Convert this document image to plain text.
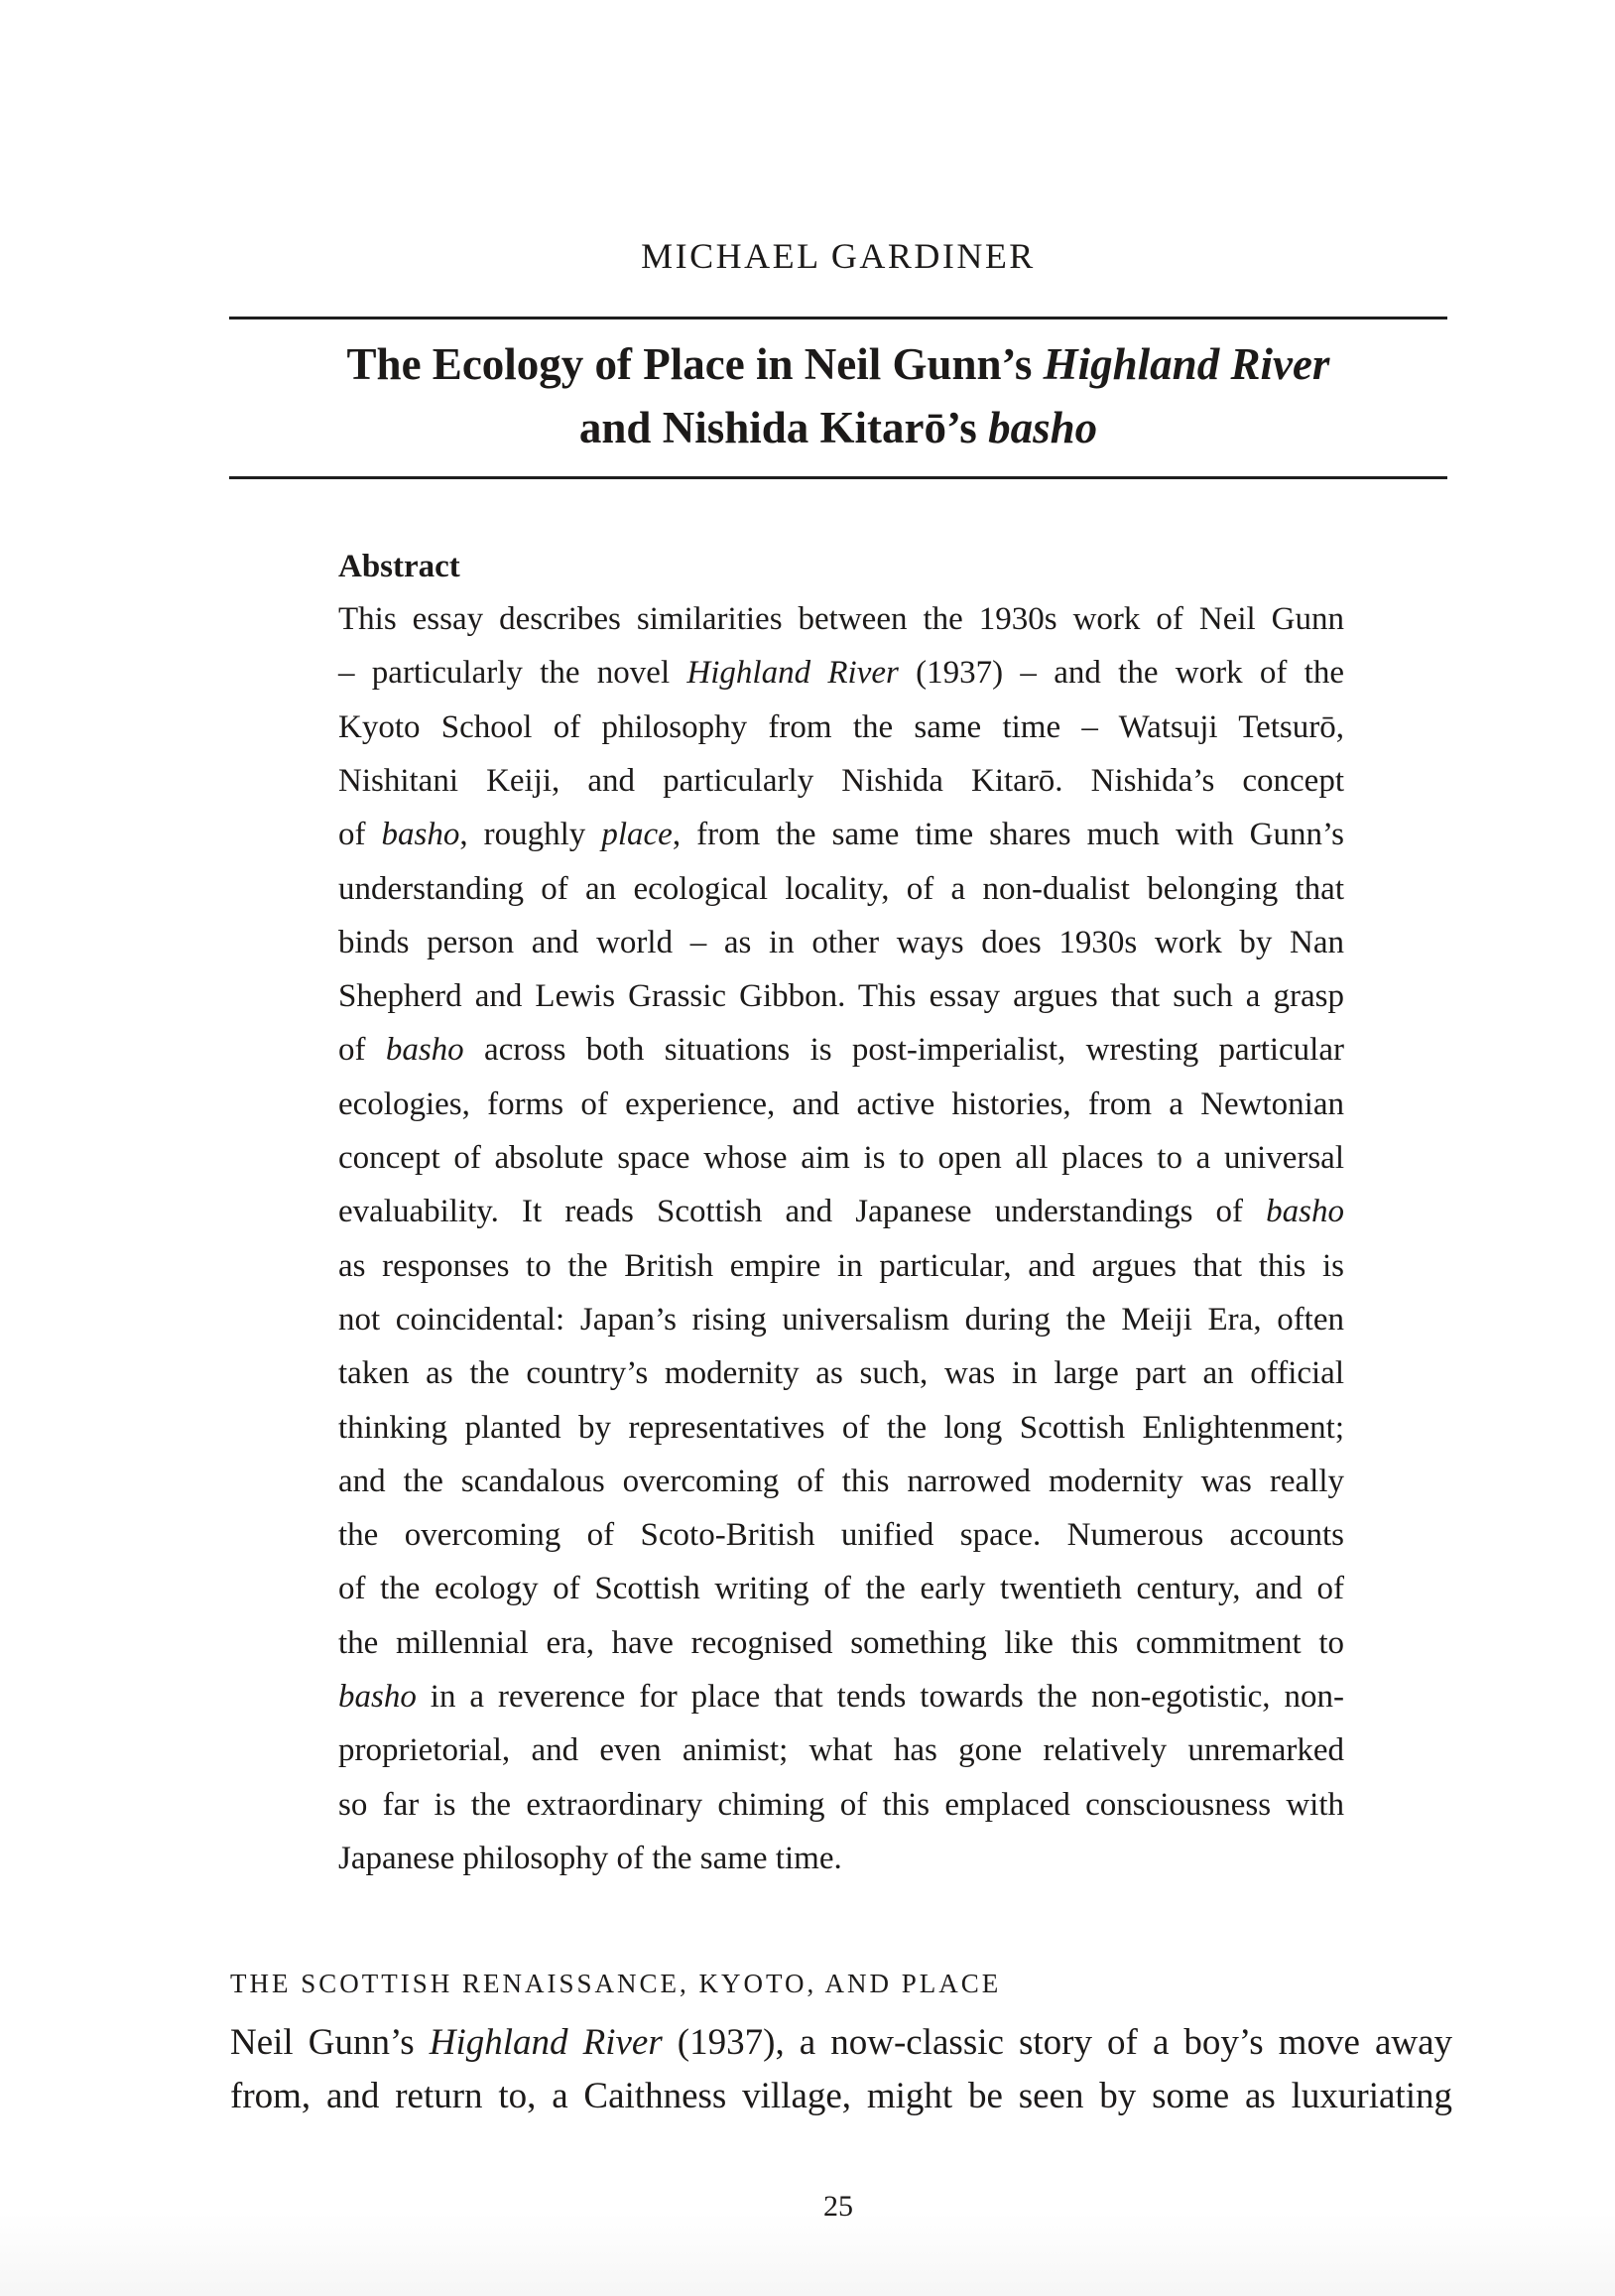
MICHAEL GARDINER
The Ecology of Place in Neil Gunn’s Highland River
and Nishida Kitarō’s basho
Abstract
THE SCOTTISH RENAISSANCE, KYOTO, AND PLACE
25
This essay describes similarities between the 1930s work of Neil Gunn
– particularly the novel Highland River (1937) – and the work of the
Kyoto School of philosophy from the same time – Watsuji Tetsurō,
Nishitani Keiji, and particularly Nishida Kitarō. Nishida’s concept
of basho, roughly place, from the same time shares much with Gunn’s
understanding of an ecological locality, of a non-dualist belonging that
binds person and world – as in other ways does 1930s work by Nan
Shepherd and Lewis Grassic Gibbon. This essay argues that such a grasp
of basho across both situations is post-imperialist, wresting particular
ecologies, forms of experience, and active histories, from a Newtonian
concept of absolute space whose aim is to open all places to a universal
evaluability. It reads Scottish and Japanese understandings of basho
as responses to the British empire in particular, and argues that this is
not coincidental: Japan’s rising universalism during the Meiji Era, often
taken as the country’s modernity as such, was in large part an official
thinking planted by representatives of the long Scottish Enlightenment;
and the scandalous overcoming of this narrowed modernity was really
the overcoming of Scoto-British unified space. Numerous accounts
of the ecology of Scottish writing of the early twentieth century, and of
the millennial era, have recognised something like this commitment to
basho in a reverence for place that tends towards the non-egotistic, non-
proprietorial, and even animist; what has gone relatively unremarked
so far is the extraordinary chiming of this emplaced consciousness with
Japanese philosophy of the same time.
Neil Gunn’s Highland River (1937), a now-classic story of a boy’s move away
from, and return to, a Caithness village, might be seen by some as luxuriating
